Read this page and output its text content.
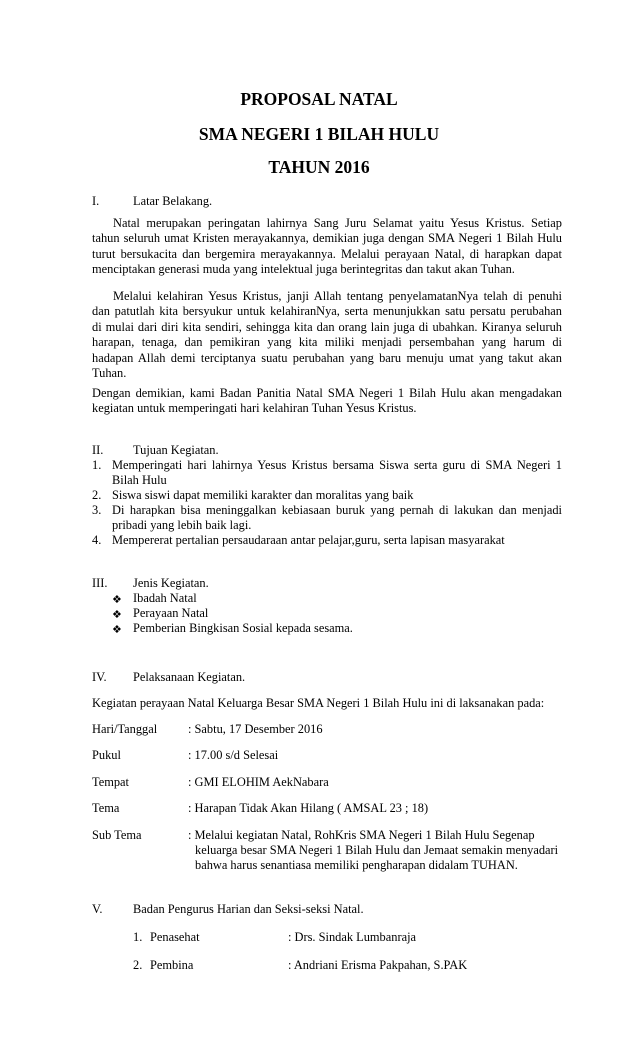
PROPOSAL NATAL
SMA NEGERI 1 BILAH HULU
TAHUN 2016
I.	Latar Belakang.
Natal merupakan peringatan lahirnya Sang Juru Selamat yaitu Yesus Kristus. Setiap
tahun seluruh umat Kristen merayakannya, demikian juga dengan SMA Negeri 1 Bilah Hulu
turut bersukacita dan bergemira merayakannya. Melalui perayaan Natal, di harapkan dapat
menciptakan generasi muda yang intelektual juga berintegritas dan takut akan Tuhan.
Melalui kelahiran Yesus Kristus, janji Allah tentang penyelamatanNya telah di penuhi
dan patutlah kita bersyukur untuk kelahiranNya, serta menunjukkan satu persatu perubahan
di mulai dari diri kita sendiri, sehingga kita dan orang lain juga di ubahkan. Kiranya seluruh
harapan, tenaga, dan pemikiran yang kita miliki menjadi persembahan yang harum di
hadapan Allah demi terciptanya suatu perubahan yang baru menuju umat yang takut akan
Tuhan.
Dengan demikian, kami Badan Panitia Natal SMA Negeri 1 Bilah Hulu akan mengadakan
kegiatan untuk memperingati hari kelahiran Tuhan Yesus Kristus.
II. Tujuan Kegiatan.
1. Memperingati hari lahirnya Yesus Kristus bersama Siswa serta guru di SMA Negeri 1
Bilah Hulu
2. Siswa siswi dapat memiliki karakter dan moralitas yang baik
3. Di harapkan bisa meninggalkan kebiasaan buruk yang pernah di lakukan dan menjadi
pribadi yang lebih baik lagi.
4. Mempererat pertalian persaudaraan antar pelajar,guru, serta lapisan masyarakat
III. Jenis Kegiatan.
❖ Ibadah Natal
❖ Perayaan Natal
❖ Pemberian Bingkisan Sosial kepada sesama.
IV. Pelaksanaan Kegiatan.
Kegiatan perayaan Natal Keluarga Besar SMA Negeri 1 Bilah Hulu ini di laksanakan pada:
Hari/Tanggal : Sabtu, 17 Desember 2016
Pukul	: 17.00 s/d Selesai
Tempat	: GMI ELOHIM AekNabara
Tema	: Harapan Tidak Akan Hilang ( AMSAL 23 ; 18)
Sub Tema	: Melalui kegiatan Natal, RohKris SMA Negeri 1 Bilah Hulu Segenap
keluarga besar SMA Negeri 1 Bilah Hulu dan Jemaat semakin menyadari
bahwa harus senantiasa memiliki pengharapan didalam TUHAN.
V. Badan Pengurus Harian dan Seksi-seksi Natal.
1. Penasehat	: Drs. Sindak Lumbanraja
2. Pembina	: Andriani Erisma Pakpahan, S.PAK
